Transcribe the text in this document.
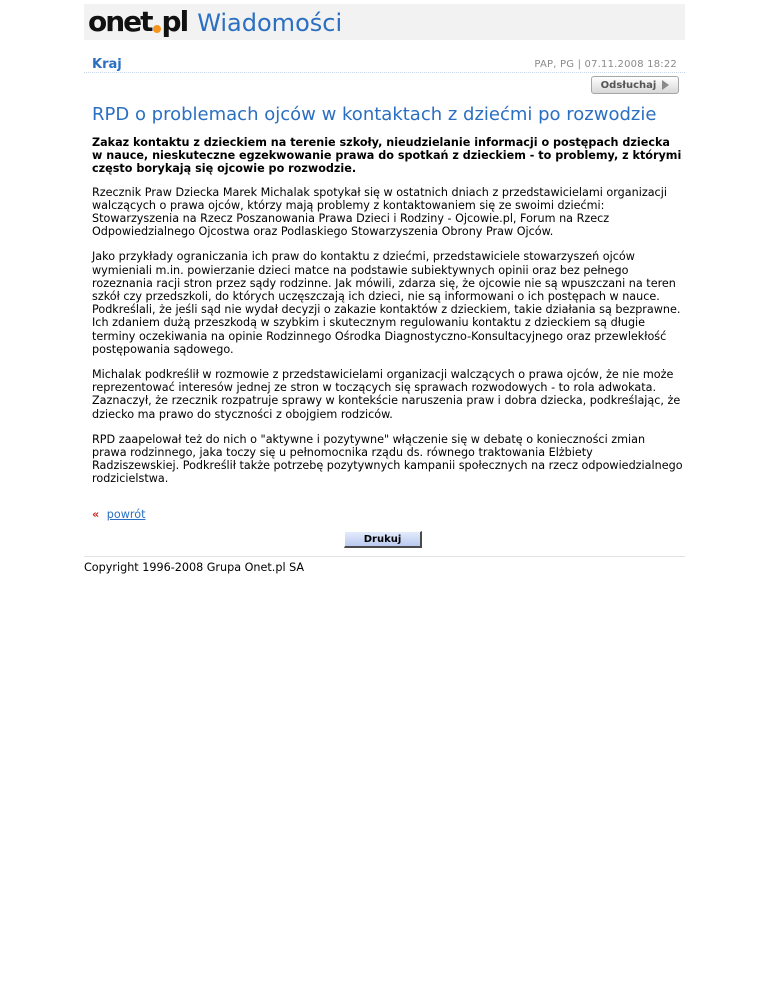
onet pl Wiadomości
Kraj	PAP, PG | 07.11.2008 18:22
Odsłuchaj
RPD o problemach ojców w kontaktach z dziećmi po rozwodzie

Zakaz kontaktu z dzieckiem na terenie szkoły, nieudzielanie informacji o postępach dziecka w nauce, nieskuteczne egzekwowanie prawa do spotkań z dzieckiem - to problemy, z którymi często borykają się ojcowie po rozwodzie.

Rzecznik Praw Dziecka Marek Michalak spotykał się w ostatnich dniach z przedstawicielami organizacji walczących o prawa ojców, którzy mają problemy z kontaktowaniem się ze swoimi dziećmi: Stowarzyszenia na Rzecz Poszanowania Prawa Dzieci i Rodziny - Ojcowie.pl, Forum na Rzecz Odpowiedzialnego Ojcostwa oraz Podlaskiego Stowarzyszenia Obrony Praw Ojców.

Jako przykłady ograniczania ich praw do kontaktu z dziećmi, przedstawiciele stowarzyszeń ojców wymieniali m.in. powierzanie dzieci matce na podstawie subiektywnych opinii oraz bez pełnego rozeznania racji stron przez sądy rodzinne. Jak mówili, zdarza się, że ojcowie nie są wpuszczani na teren szkół czy przedszkoli, do których uczęszczają ich dzieci, nie są informowani o ich postępach w nauce. Podkreślali, że jeśli sąd nie wydał decyzji o zakazie kontaktów z dzieckiem, takie działania są bezprawne. Ich zdaniem dużą przeszkodą w szybkim i skutecznym regulowaniu kontaktu z dzieckiem są długie terminy oczekiwania na opinie Rodzinnego Ośrodka Diagnostyczno-Konsultacyjnego oraz przewlekłość postępowania sądowego.

Michalak podkreślił w rozmowie z przedstawicielami organizacji walczących o prawa ojców, że nie może reprezentować interesów jednej ze stron w toczących się sprawach rozwodowych - to rola adwokata. Zaznaczył, że rzecznik rozpatruje sprawy w kontekście naruszenia praw i dobra dziecka, podkreślając, że dziecko ma prawo do styczności z obojgiem rodziców.

RPD zaapelował też do nich o "aktywne i pozytywne" włączenie się w debatę o konieczności zmian prawa rodzinnego, jaka toczy się u pełnomocnika rządu ds. równego traktowania Elżbiety Radziszewskiej. Podkreślił także potrzebę pozytywnych kampanii społecznych na rzecz odpowiedzialnego rodzicielstwa.

« powrót
Drukuj
Copyright 1996-2008 Grupa Onet.pl SA
